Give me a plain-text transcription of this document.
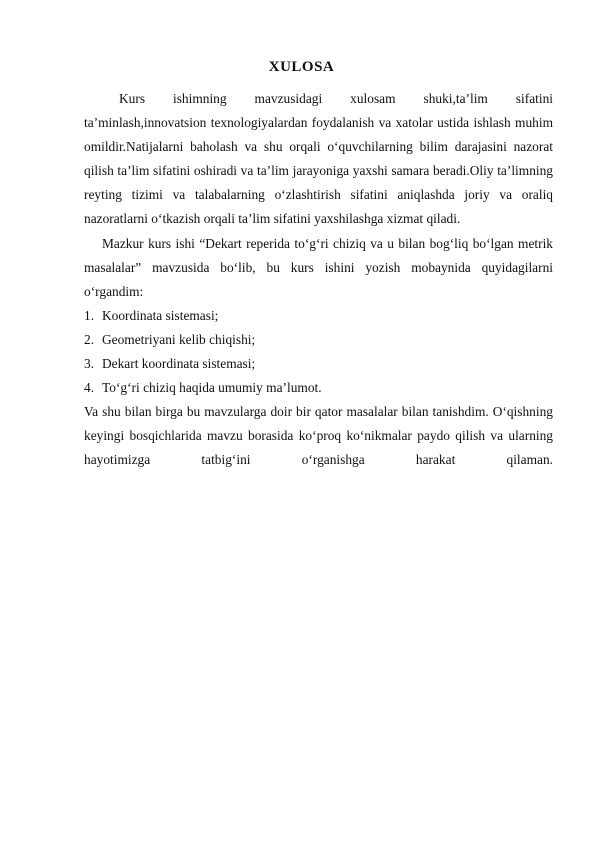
XULOSA

Kurs ishimning mavzusidagi xulosam shuki,ta’lim sifatini ta’minlash,innovatsion texnologiyalardan foydalanish va xatolar ustida ishlash muhim omildir.Natijalarni baholash va shu orqali o‘quvchilarning bilim darajasini nazorat qilish ta’lim sifatini oshiradi va ta’lim jarayoniga yaxshi samara beradi.Oliy ta’limning reyting tizimi va talabalarning o‘zlashtirish sifatini aniqlashda joriy va oraliq nazoratlarni o‘tkazish orqali ta’lim sifatini yaxshilashga xizmat qiladi.

Mazkur kurs ishi “Dekart reperida to‘g‘ri chiziq va u bilan bog‘liq bo‘lgan metrik masalalar” mavzusida bo‘lib, bu kurs ishini yozish mobaynida quyidagilarni o‘rgandim:

1. Koordinata sistemasi;
2. Geometriyani kelib chiqishi;
3. Dekart koordinata sistemasi;
4. To‘g‘ri chiziq haqida umumiy ma’lumot.

Va shu bilan birga bu mavzularga doir bir qator masalalar bilan tanishdim. O‘qishning keyingi bosqichlarida mavzu borasida ko‘proq ko‘nikmalar paydo qilish va ularning hayotimizga tatbig‘ini o‘rganishga harakat qilaman.
